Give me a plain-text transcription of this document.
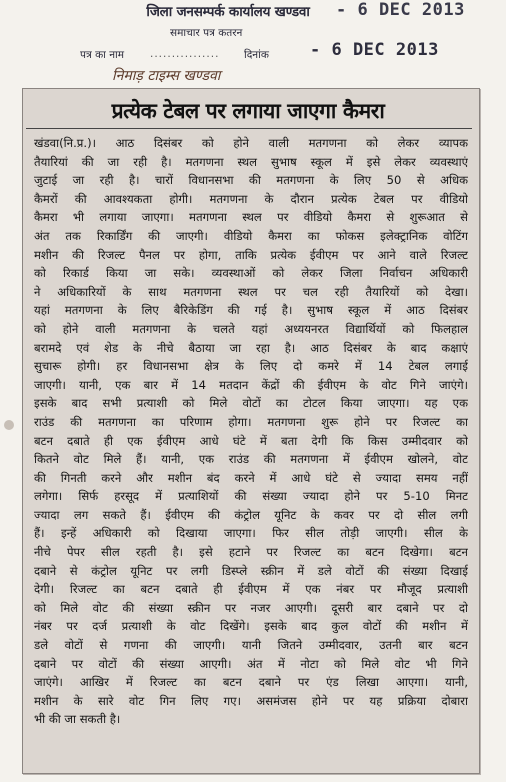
जिला जनसम्पर्क कार्यालय खण्डवा	- 6 DEC 2013
समाचार पत्र कतरन
पत्र का नाम ................ दिनांक - 6 DEC 2013
निमाड़ टाइम्स खण्डवा
प्रत्येक टेबल पर लगाया जाएगा कैमरा
खंडवा(नि.प्र.)। आठ दिसंबर को होने वाली मतगणना को लेकर व्यापक
तैयारियां की जा रही है। मतगणना स्थल सुभाष स्कूल में इसे लेकर व्यवस्थाएं
जुटाई जा रही है। चारों विधानसभा की मतगणना के लिए 50 से अधिक
कैमरों की आवश्यकता होगी। मतगणना के दौरान प्रत्येक टेबल पर वीडियो
कैमरा भी लगाया जाएगा। मतगणना स्थल पर वीडियो कैमरा से शुरूआत से
अंत तक रिकार्डिंग की जाएगी। वीडियो कैमरा का फोकस इलेक्ट्रानिक वोटिंग
मशीन की रिजल्ट पैनल पर होगा, ताकि प्रत्येक ईवीएम पर आने वाले रिजल्ट
को रिकार्ड किया जा सके। व्यवस्थाओं को लेकर जिला निर्वाचन अधिकारी
ने अधिकारियों के साथ मतगणना स्थल पर चल रही तैयारियों को देखा।
यहां मतगणना के लिए बैरिकेडिंग की गई है। सुभाष स्कूल में आठ दिसंबर
को होने वाली मतगणना के चलते यहां अध्ययनरत विद्यार्थियों को फिलहाल
बरामदे एवं शेड के नीचे बैठाया जा रहा है। आठ दिसंबर के बाद कक्षाएं
सुचारू होगी। हर विधानसभा क्षेत्र के लिए दो कमरे में 14 टेबल लगाई
जाएगी। यानी, एक बार में 14 मतदान केंद्रों की ईवीएम के वोट गिने जाएंगे।
इसके बाद सभी प्रत्याशी को मिले वोटों का टोटल किया जाएगा। यह एक
राउंड की मतगणना का परिणाम होगा। मतगणना शुरू होने पर रिजल्ट का
बटन दबाते ही एक ईवीएम आधे घंटे में बता देगी कि किस उम्मीदवार को
कितने वोट मिले हैं। यानी, एक राउंड की मतगणना में ईवीएम खोलने, वोट
की गिनती करने और मशीन बंद करने में आधे घंटे से ज्यादा समय नहीं
लगेगा। सिर्फ हरसूद में प्रत्याशियों की संख्या ज्यादा होने पर 5-10 मिनट
ज्यादा लग सकते हैं। ईवीएम की कंट्रोल यूनिट के कवर पर दो सील लगी
हैं। इन्हें अधिकारी को दिखाया जाएगा। फिर सील तोड़ी जाएगी। सील के
नीचे पेपर सील रहती है। इसे हटाने पर रिजल्ट का बटन दिखेगा। बटन
दबाने से कंट्रोल यूनिट पर लगी डिस्प्ले स्क्रीन में डले वोटों की संख्या दिखाई
देगी। रिजल्ट का बटन दबाते ही ईवीएम में एक नंबर पर मौजूद प्रत्याशी
को मिले वोट की संख्या स्क्रीन पर नजर आएगी। दूसरी बार दबाने पर दो
नंबर पर दर्ज प्रत्याशी के वोट दिखेंगे। इसके बाद कुल वोटों की मशीन में
डले वोटों से गणना की जाएगी। यानी जितने उम्मीदवार, उतनी बार बटन
दबाने पर वोटों की संख्या आएगी। अंत में नोटा को मिले वोट भी गिने
जाएंगे। आखिर में रिजल्ट का बटन दबाने पर एंड लिखा आएगा। यानी,
मशीन के सारे वोट गिन लिए गए। असमंजस होने पर यह प्रक्रिया दोबारा
भी की जा सकती है।
